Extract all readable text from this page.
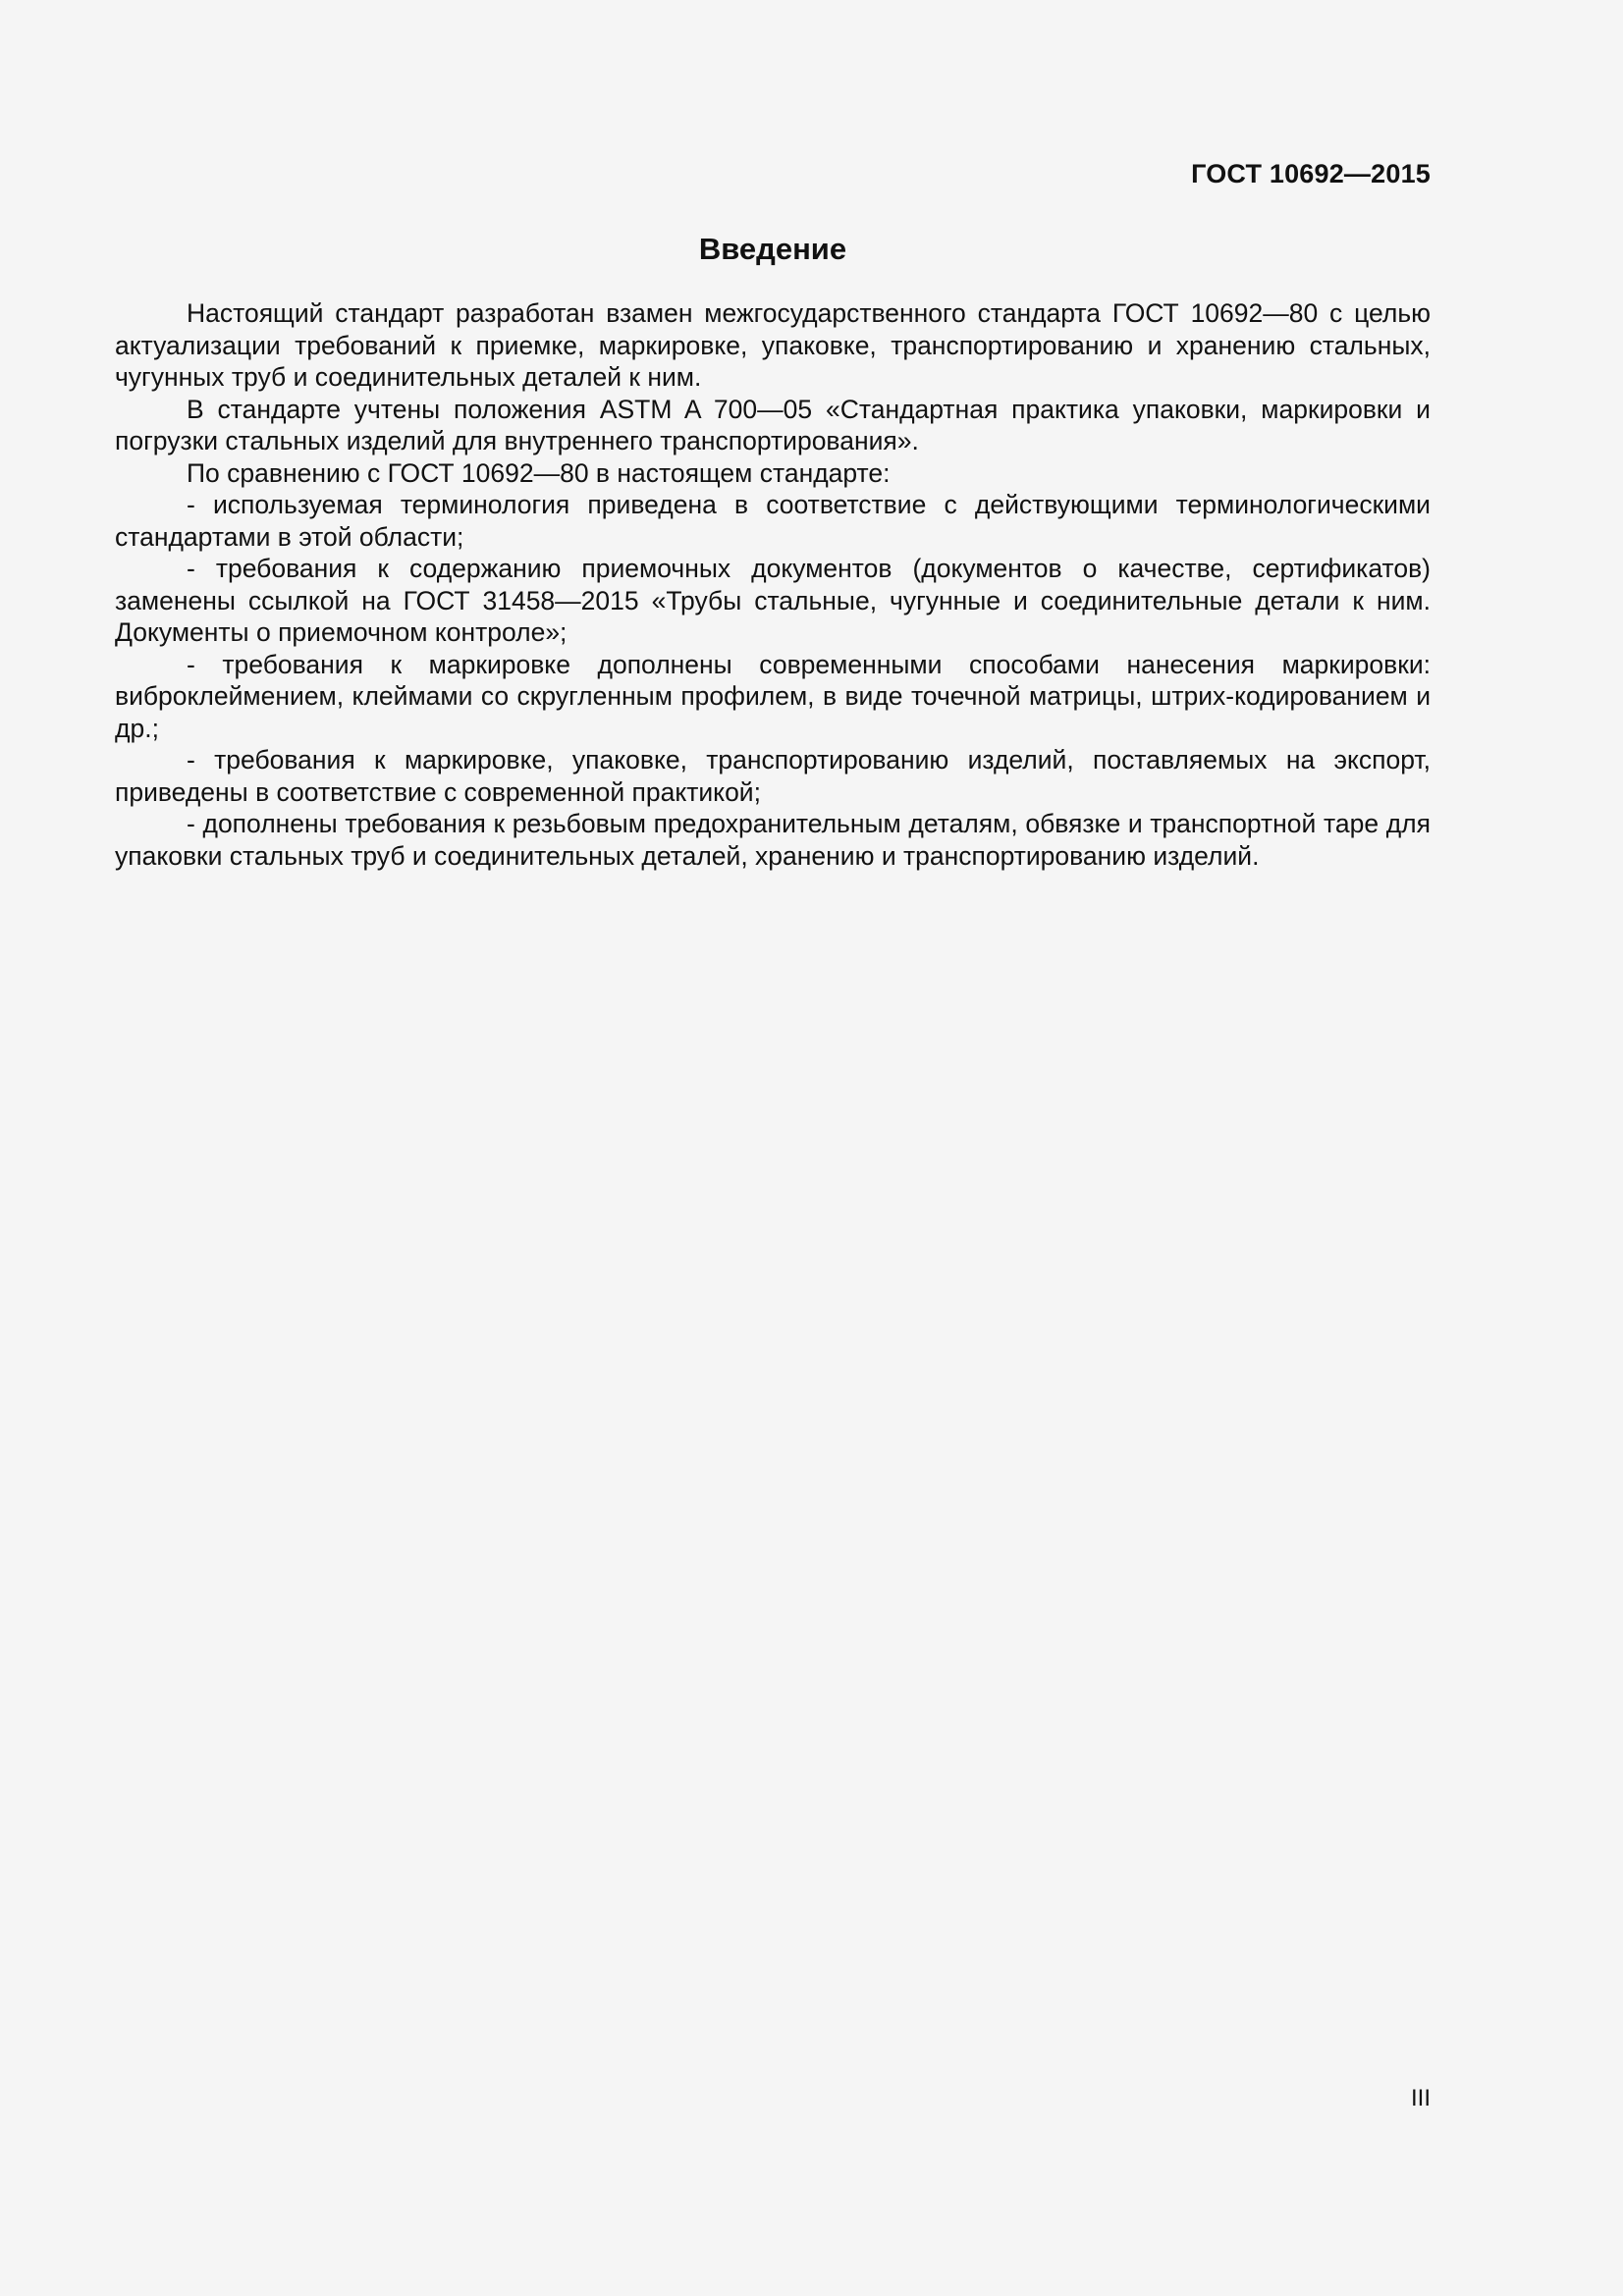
ГОСТ 10692—2015
Введение

Настоящий стандарт разработан взамен межгосударственного стандарта ГОСТ 10692—80 с целью актуализации требований к приемке, маркировке, упаковке, транспортированию и хранению стальных, чугунных труб и соединительных деталей к ним.

В стандарте учтены положения ASTM A 700—05 «Стандартная практика упаковки, маркировки и погрузки стальных изделий для внутреннего транспортирования».

По сравнению с ГОСТ 10692—80 в настоящем стандарте:

- используемая терминология приведена в соответствие с действующими терминологическими стандартами в этой области;

- требования к содержанию приемочных документов (документов о качестве, сертификатов) заменены ссылкой на ГОСТ 31458—2015 «Трубы стальные, чугунные и соединительные детали к ним. Документы о приемочном контроле»;

- требования к маркировке дополнены современными способами нанесения маркировки: виброклеймением, клеймами со скругленным профилем, в виде точечной матрицы, штрих-кодированием и др.;

- требования к маркировке, упаковке, транспортированию изделий, поставляемых на экспорт, приведены в соответствие с современной практикой;

- дополнены требования к резьбовым предохранительным деталям, обвязке и транспортной таре для упаковки стальных труб и соединительных деталей, хранению и транспортированию изделий.

III
